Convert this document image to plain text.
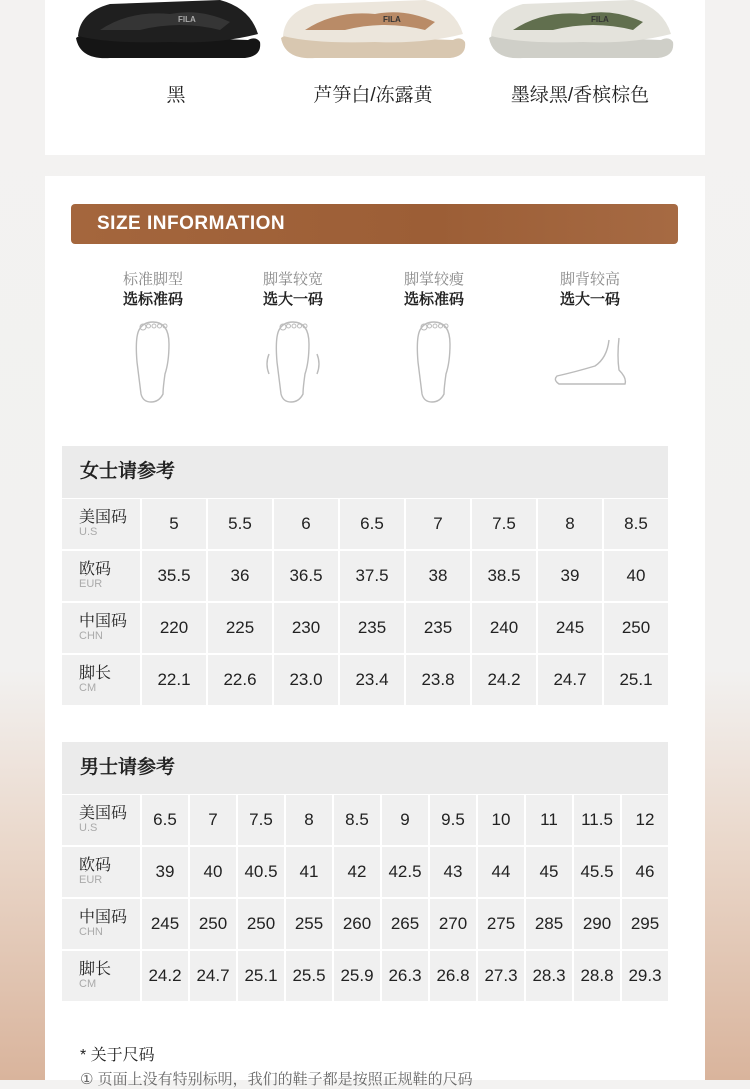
FILA
黑
FILA
芦笋白/冻露黄
FILA
墨绿黑/香槟棕色
SIZE INFORMATION
标准脚型
选标准码
脚掌较宽
选大一码
脚掌较瘦
选标准码
脚背较高
选大一码
女士请参考
美国码
U.S	5	5.5	6	6.5	7	7.5	8	8.5

欧码
EUR	35.5	36	36.5	37.5	38	38.5	39	40

中国码
CHN	220	225	230	235	235	240	245	250

脚长
CM	22.1	22.6	23.0	23.4	23.8	24.2	24.7	25.1
男士请参考
美国码
U.S	6.5	7	7.5	8	8.5	9	9.5	10	11	11.5	12

欧码
EUR	39	40	40.5	41	42	42.5	43	44	45	45.5	46

中国码
CHN	245	250	250	255	260	265	270	275	285	290	295

脚长
CM	24.2	24.7	25.1	25.5	25.9	26.3	26.8	27.3	28.3	28.8	29.3
* 关于尺码
① 页面上没有特别标明，我们的鞋子都是按照正规鞋的尺码
